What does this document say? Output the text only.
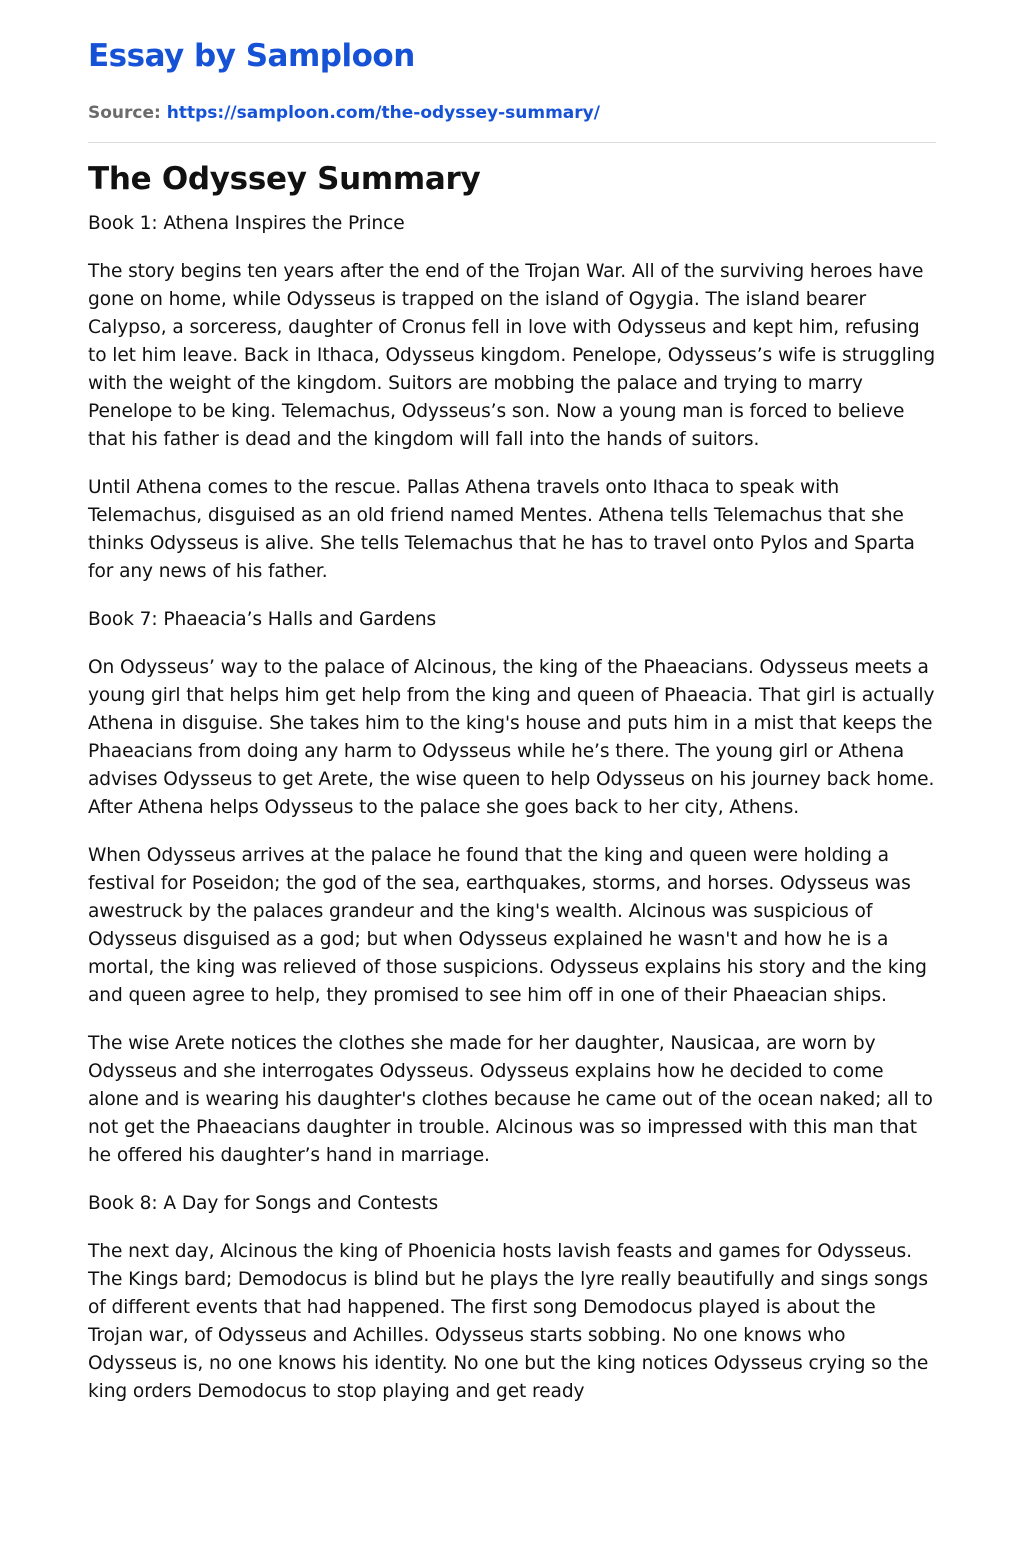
Essay by Samploon
Source: https://samploon.com/the-odyssey-summary/
The Odyssey Summary

Book 1: Athena Inspires the Prince

The story begins ten years after the end of the Trojan War. All of the surviving heroes have gone on home, while Odysseus is trapped on the island of Ogygia. The island bearer Calypso, a sorceress, daughter of Cronus fell in love with Odysseus and kept him, refusing to let him leave. Back in Ithaca, Odysseus kingdom. Penelope, Odysseus’s wife is struggling with the weight of the kingdom. Suitors are mobbing the palace and trying to marry Penelope to be king. Telemachus, Odysseus’s son. Now a young man is forced to believe that his father is dead and the kingdom will fall into the hands of suitors.

Until Athena comes to the rescue. Pallas Athena travels onto Ithaca to speak with Telemachus, disguised as an old friend named Mentes. Athena tells Telemachus that she thinks Odysseus is alive. She tells Telemachus that he has to travel onto Pylos and Sparta for any news of his father.

Book 7: Phaeacia’s Halls and Gardens

On Odysseus’ way to the palace of Alcinous, the king of the Phaeacians. Odysseus meets a young girl that helps him get help from the king and queen of Phaeacia. That girl is actually Athena in disguise. She takes him to the king's house and puts him in a mist that keeps the Phaeacians from doing any harm to Odysseus while he’s there. The young girl or Athena advises Odysseus to get Arete, the wise queen to help Odysseus on his journey back home. After Athena helps Odysseus to the palace she goes back to her city, Athens.

When Odysseus arrives at the palace he found that the king and queen were holding a festival for Poseidon; the god of the sea, earthquakes, storms, and horses. Odysseus was awestruck by the palaces grandeur and the king's wealth. Alcinous was suspicious of Odysseus disguised as a god; but when Odysseus explained he wasn't and how he is a mortal, the king was relieved of those suspicions. Odysseus explains his story and the king and queen agree to help, they promised to see him off in one of their Phaeacian ships.

The wise Arete notices the clothes she made for her daughter, Nausicaa, are worn by Odysseus and she interrogates Odysseus. Odysseus explains how he decided to come alone and is wearing his daughter's clothes because he came out of the ocean naked; all to not get the Phaeacians daughter in trouble. Alcinous was so impressed with this man that he offered his daughter’s hand in marriage.

Book 8: A Day for Songs and Contests

The next day, Alcinous the king of Phoenicia hosts lavish feasts and games for Odysseus. The Kings bard; Demodocus is blind but he plays the lyre really beautifully and sings songs of different events that had happened. The first song Demodocus played is about the Trojan war, of Odysseus and Achilles. Odysseus starts sobbing. No one knows who Odysseus is, no one knows his identity. No one but the king notices Odysseus crying so the king orders Demodocus to stop playing and get ready
